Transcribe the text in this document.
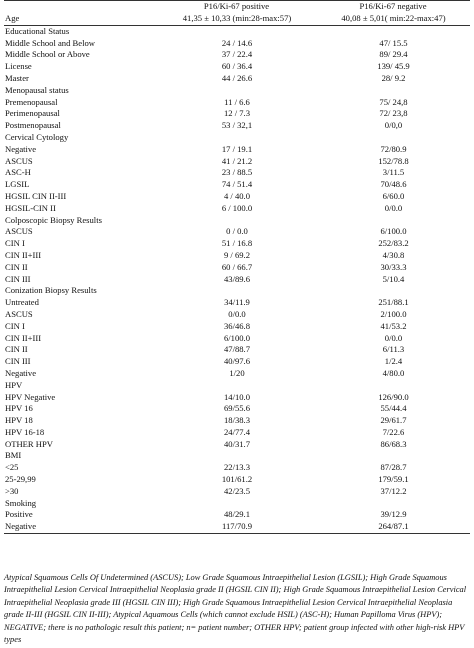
	P16/Ki-67 positive	P16/Ki-67 negative
Age	41,35 ± 10,33 (min:28-max:57)	40,08 ± 5,01( min:22-max:47)
Educational Status		
Middle School and Below	24 / 14.6	47/ 15.5
Middle School or Above	37 / 22.4	89/ 29.4
License	60 / 36.4	139/ 45.9
Master	44 / 26.6	28/ 9.2
Menopausal status		
Premenopausal	11 / 6.6	75/ 24,8
Perimenopausal	12 / 7.3	72/ 23,8
Postmenopausal	53 / 32,1	0/0,0
Cervical Cytology		
Negative	17 / 19.1	72/80.9
ASCUS	41 / 21.2	152/78.8
ASC-H	23 / 88.5	3/11.5
LGSIL	74 / 51.4	70/48.6
HGSIL CIN II-III	4 / 40.0	6/60.0
HGSIL-CIN II	6 / 100.0	0/0.0
Colposcopic Biopsy Results		
ASCUS	0 / 0.0	6/100.0
CIN I	51 / 16.8	252/83.2
CIN II+III	9 / 69.2	4/30.8
CIN II	60 / 66.7	30/33.3
CIN III	43/89.6	5/10.4
Conization Biopsy Results		
Untreated	34/11.9	251/88.1
ASCUS	0/0.0	2/100.0
CIN I	36/46.8	41/53.2
CIN II+III	6/100.0	0/0.0
CIN II	47/88.7	6/11.3
CIN III	40/97.6	1/2.4
Negative	1/20	4/80.0
HPV		
HPV Negative	14/10.0	126/90.0
HPV 16	69/55.6	55/44.4
HPV 18	18/38.3	29/61.7
HPV 16-18	24/77.4	7/22.6
OTHER HPV	40/31.7	86/68.3
BMI		
<25	22/13.3	87/28.7
25-29,99	101/61.2	179/59.1
>30	42/23.5	37/12.2
Smoking		
Positive	48/29.1	39/12.9
Negative	117/70.9	264/87.1
Atypical Squamous Cells Of Undetermined (ASCUS); Low Grade Squamous Intraepithelial Lesion (LGSIL); High Grade Squamous Intraepithelial Lesion Cervical Intraepithelial Neoplasia grade II (HGSIL CIN II); High Grade Squamous Intraepithelial Lesion Cervical Intraepithelial Neoplasia grade III (HGSIL CIN III); High Grade Squamous Intraepithelial Lesion Cervical Intraepithelial Neoplasia grade II-III (HGSIL CIN II-III); Atypical Aquamous Cells (which cannot exclude HSIL) (ASC-H); Human Papilloma Virus (HPV); NEGATIVE; there is no pathologic result this patient; n= patient number; OTHER HPV; patient group infected with other high-risk HPV types
